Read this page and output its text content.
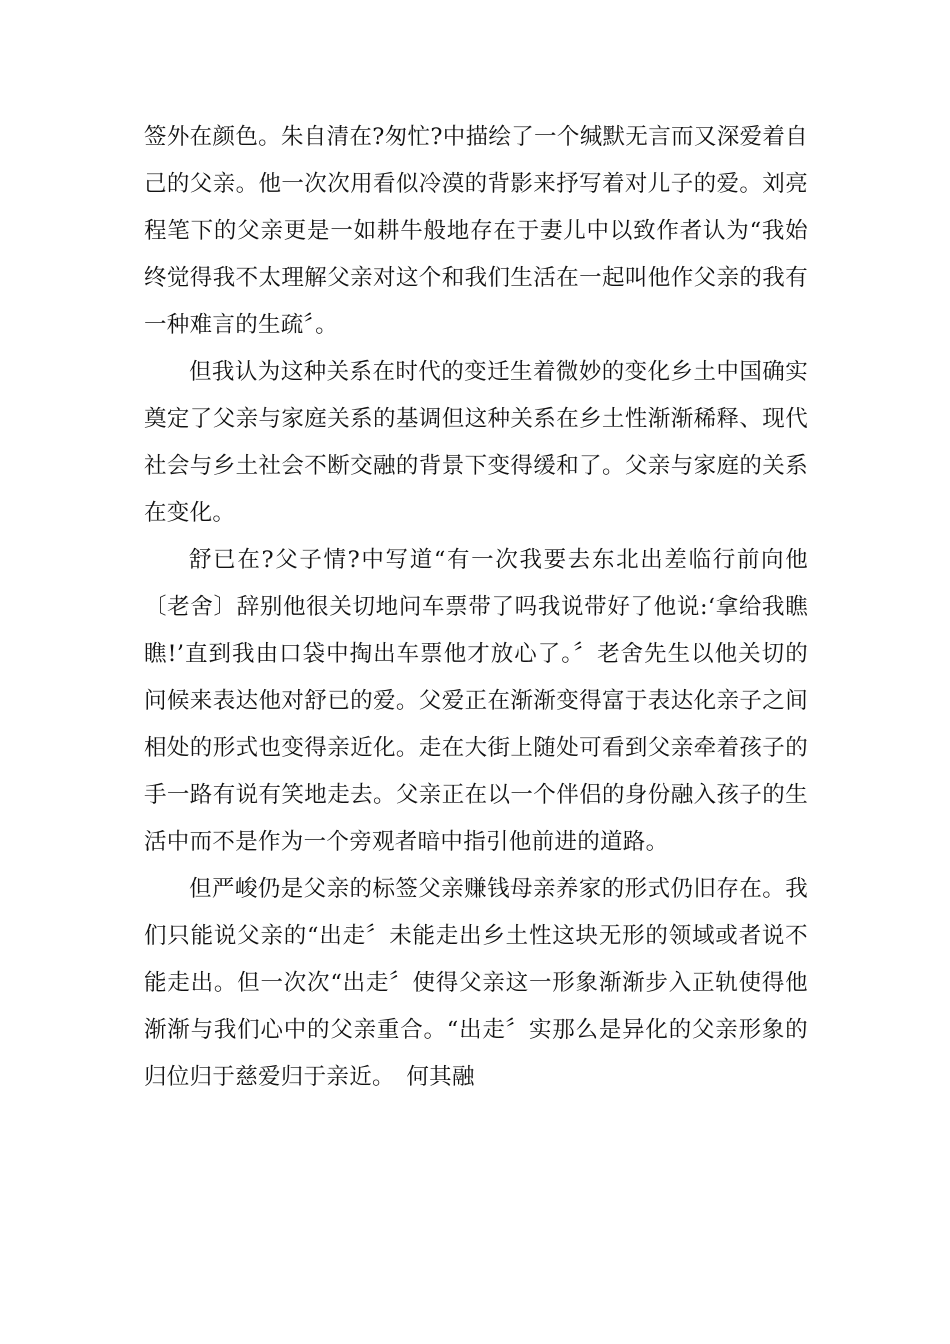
签外在颜色。朱自清在?匆忙?中描绘了一个缄默无言而又深爱着自己的父亲。他一次次用看似冷漠的背影来抒写着对儿子的爱。刘亮程笔下的父亲更是一如耕牛般地存在于妻儿中以致作者认为“我始终觉得我不太理解父亲对这个和我们生活在一起叫他作父亲的我有一种难言的生疏〞。

但我认为这种关系在时代的变迁生着微妙的变化乡土中国确实奠定了父亲与家庭关系的基调但这种关系在乡土性渐渐稀释、现代社会与乡土社会不断交融的背景下变得缓和了。父亲与家庭的关系在变化。

舒已在?父子情?中写道“有一次我要去东北出差临行前向他〔老舍〕辞别他很关切地问车票带了吗我说带好了他说:‘拿给我瞧瞧!’直到我由口袋中掏出车票他才放心了。〞老舍先生以他关切的问候来表达他对舒已的爱。父爱正在渐渐变得富于表达化亲子之间相处的形式也变得亲近化。走在大街上随处可看到父亲牵着孩子的手一路有说有笑地走去。父亲正在以一个伴侣的身份融入孩子的生活中而不是作为一个旁观者暗中指引他前进的道路。

但严峻仍是父亲的标签父亲赚钱母亲养家的形式仍旧存在。我们只能说父亲的“出走〞未能走出乡土性这块无形的领域或者说不能走出。但一次次“出走〞使得父亲这一形象渐渐步入正轨使得他渐渐与我们心中的父亲重合。“出走〞实那么是异化的父亲形象的归位归于慈爱归于亲近。　何其融
